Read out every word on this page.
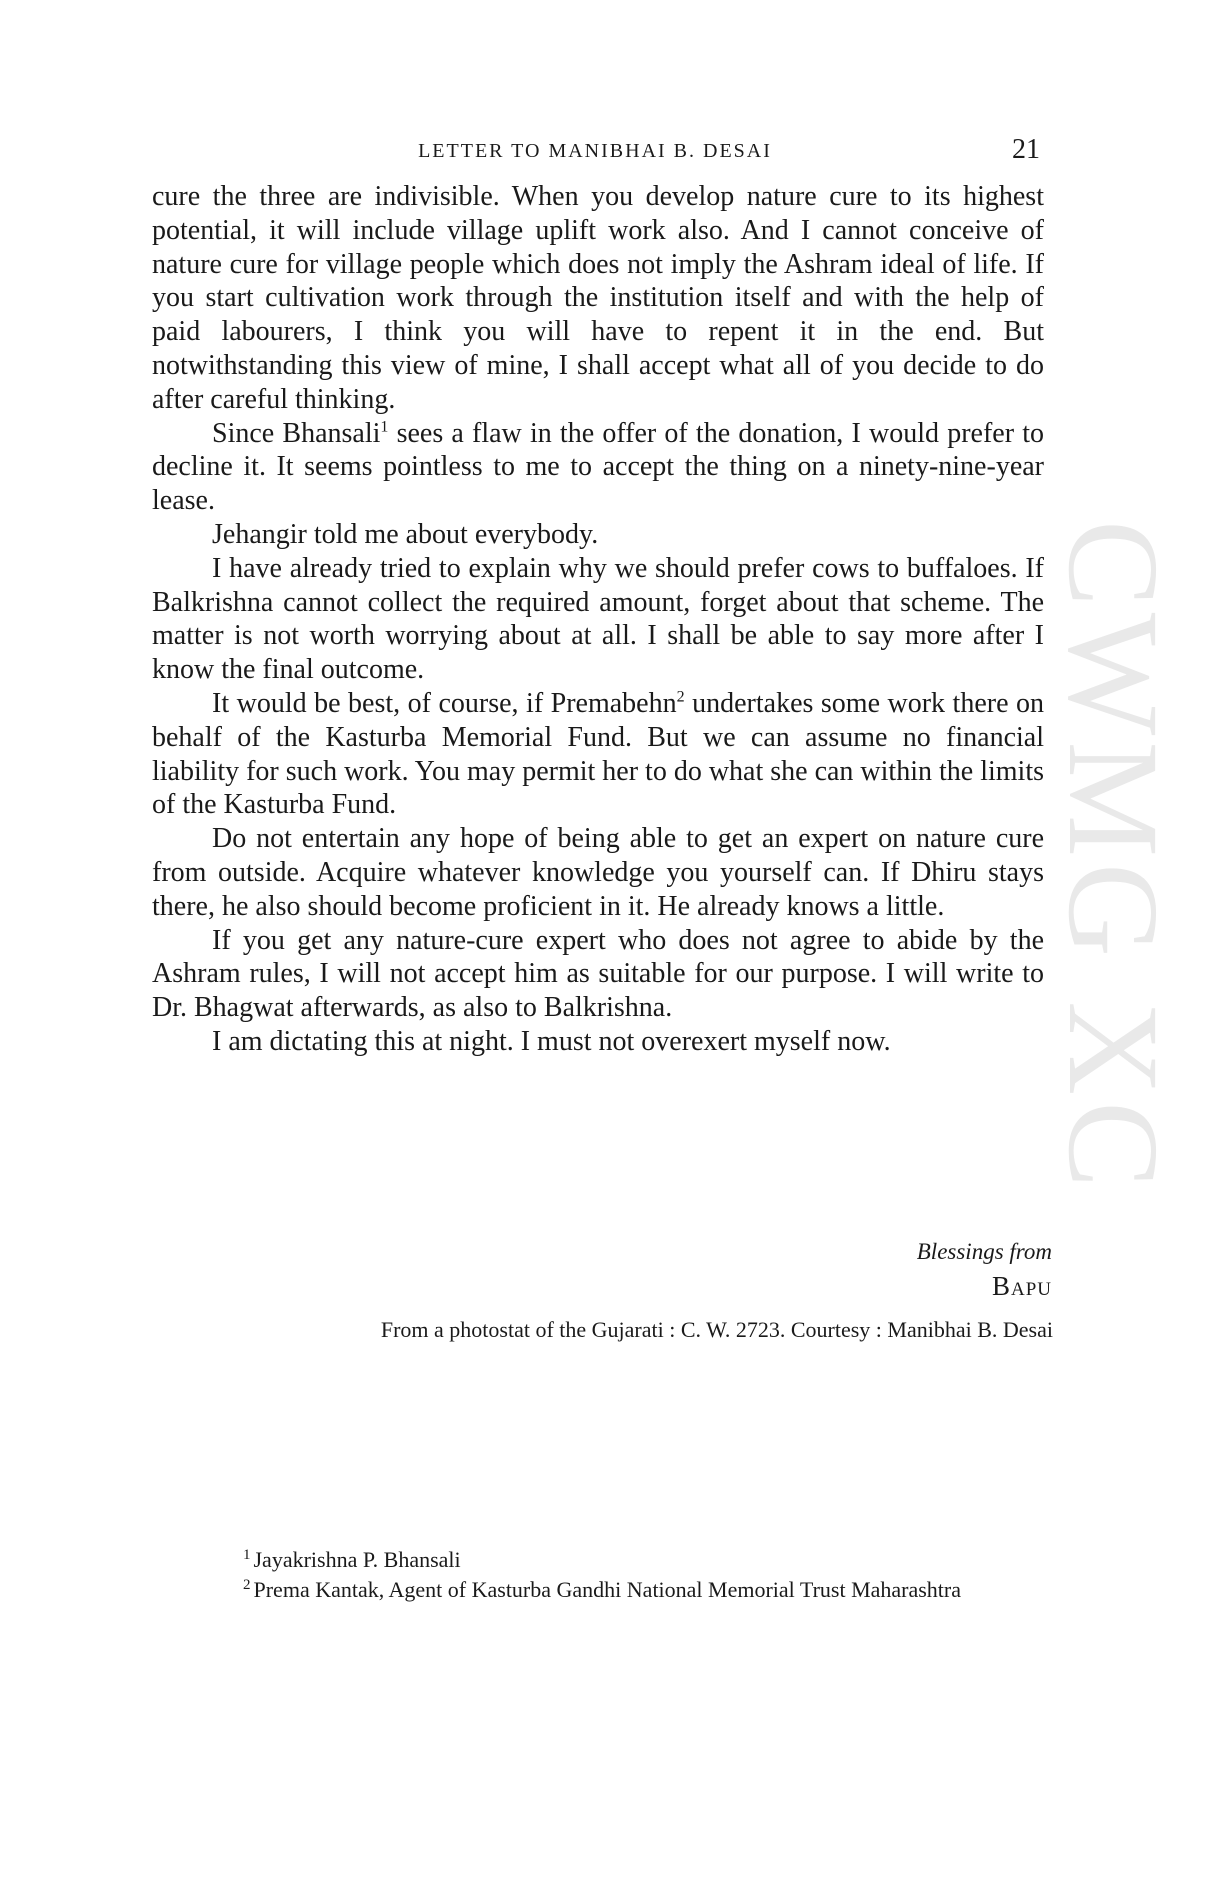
CWMG XC
LETTER TO MANIBHAI B. DESAI	21

cure the three are indivisible. When you develop nature cure to its highest potential, it will include village uplift work also. And I cannot conceive of nature cure for village people which does not imply the Ashram ideal of life. If you start cultivation work through the institution itself and with the help of paid labourers, I think you will have to repent it in the end. But notwithstanding this view of mine, I shall accept what all of you decide to do after careful thinking.

Since Bhansali$^1$ sees a flaw in the offer of the donation, I would prefer to decline it. It seems pointless to me to accept the thing on a ninety-nine-year lease.

Jehangir told me about everybody.

I have already tried to explain why we should prefer cows to buffaloes. If Balkrishna cannot collect the required amount, forget about that scheme. The matter is not worth worrying about at all. I shall be able to say more after I know the final outcome.

It would be best, of course, if Premabehn$^2$ undertakes some work there on behalf of the Kasturba Memorial Fund. But we can assume no financial liability for such work. You may permit her to do what she can within the limits of the Kasturba Fund.

Do not entertain any hope of being able to get an expert on nature cure from outside. Acquire whatever knowledge you yourself can. If Dhiru stays there, he also should become proficient in it. He already knows a little.

If you get any nature-cure expert who does not agree to abide by the Ashram rules, I will not accept him as suitable for our purpose. I will write to Dr. Bhagwat afterwards, as also to Balkrishna.

I am dictating this at night. I must not overexert myself now.

Blessings from
Bapu
From a photostat of the Gujarati : C. W. 2723. Courtesy : Manibhai B. Desai

$^1$ Jayakrishna P. Bhansali

$^2$ Prema Kantak, Agent of Kasturba Gandhi National Memorial Trust Maharashtra
